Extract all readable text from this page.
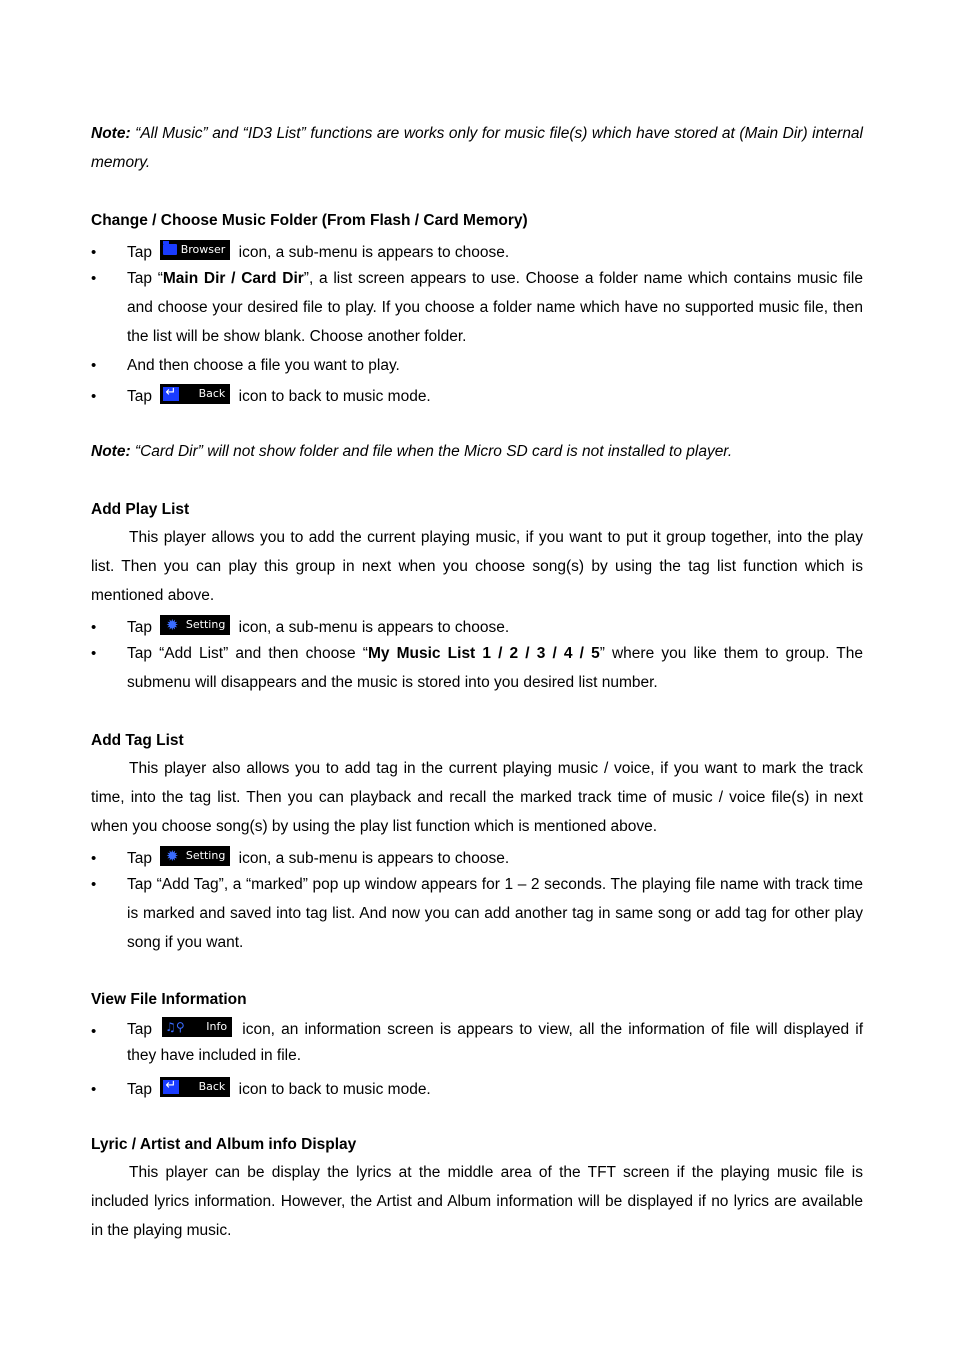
Note: “All Music” and “ID3 List” functions are works only for music file(s) which have stored at (Main Dir) internal memory.
Change / Choose Music Folder (From Flash / Card Memory)
• Tap	Browser icon, a sub-menu is appears to choose.
• Tap “Main Dir / Card Dir”, a list screen appears to use. Choose a folder name which contains music file and choose your desired file to play. If you choose a folder name which have no supported music file, then the list will be show blank. Choose another folder.
• And then choose a file you want to play.
• Tap ↵	Back icon to back to music mode.
Note: “Card Dir” will not show folder and file when the Micro SD card is not installed to player.
Add Play List
This player allows you to add the current playing music, if you want to put it group together, into the play list. Then you can play this group in next when you choose song(s) by using the tag list function which is mentioned above.
• Tap ✹ Setting icon, a sub-menu is appears to choose.
• Tap “Add List” and then choose “My Music List 1 / 2 / 3 / 4 / 5” where you like them to group. The submenu will disappears and the music is stored into you desired list number.
Add Tag List
This player also allows you to add tag in the current playing music / voice, if you want to mark the track time, into the tag list. Then you can playback and recall the marked track time of music / voice file(s) in next when you choose song(s) by using the play list function which is mentioned above.
• Tap ✹ Setting icon, a sub-menu is appears to choose.
• Tap “Add Tag”, a “marked” pop up window appears for 1 – 2 seconds. The playing file name with track time is marked and saved into tag list. And now you can add another tag in same song or add tag for other play song if you want.
View File Information
• Tap ♫⚲ Info icon, an information screen is appears to view, all the information of file will displayed if they have included in file.
• Tap ↵	Back icon to back to music mode.
Lyric / Artist and Album info Display
This player can be display the lyrics at the middle area of the TFT screen if the playing music file is included lyrics information. However, the Artist and Album information will be displayed if no lyrics are available in the playing music.
